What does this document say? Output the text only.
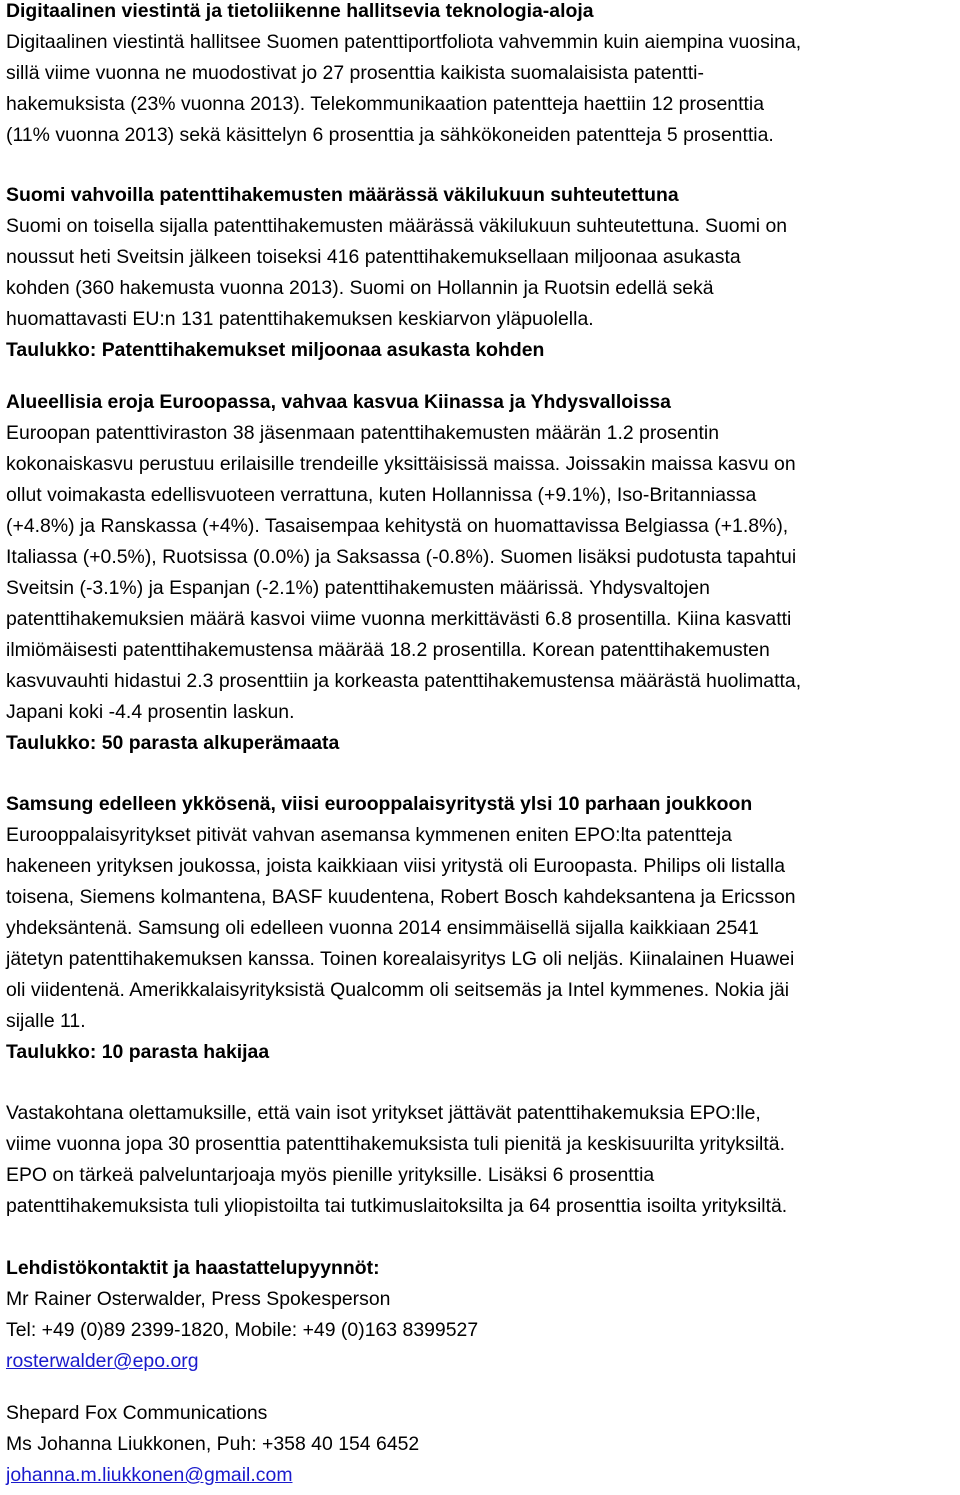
Digitaalinen viestintä ja tietoliikenne hallitsevia teknologia-aloja
Digitaalinen viestintä hallitsee Suomen patenttiportfoliota vahvemmin kuin aiempina vuosina,
sillä viime vuonna ne muodostivat jo 27 prosenttia kaikista suomalaisista patentti-
hakemuksista (23% vuonna 2013). Telekommunikaation patentteja haettiin 12 prosenttia
(11% vuonna 2013) sekä käsittelyn 6 prosenttia ja sähkökoneiden patentteja 5 prosenttia.
Suomi vahvoilla patenttihakemusten määrässä väkilukuun suhteutettuna
Suomi on toisella sijalla patenttihakemusten määrässä väkilukuun suhteutettuna. Suomi on
noussut heti Sveitsin jälkeen toiseksi 416 patenttihakemuksellaan miljoonaa asukasta
kohden (360 hakemusta vuonna 2013). Suomi on Hollannin ja Ruotsin edellä sekä
huomattavasti EU:n 131 patenttihakemuksen keskiarvon yläpuolella.
Taulukko: Patenttihakemukset miljoonaa asukasta kohden
Alueellisia eroja Euroopassa, vahvaa kasvua Kiinassa ja Yhdysvalloissa
Euroopan patenttiviraston 38 jäsenmaan patenttihakemusten määrän 1.2 prosentin
kokonaiskasvu perustuu erilaisille trendeille yksittäisissä maissa. Joissakin maissa kasvu on
ollut voimakasta edellisvuoteen verrattuna, kuten Hollannissa (+9.1%), Iso-Britanniassa
(+4.8%) ja Ranskassa (+4%). Tasaisempaa kehitystä on huomattavissa Belgiassa (+1.8%),
Italiassa (+0.5%), Ruotsissa (0.0%) ja Saksassa (-0.8%). Suomen lisäksi pudotusta tapahtui
Sveitsin (-3.1%) ja Espanjan (-2.1%) patenttihakemusten määrissä. Yhdysvaltojen
patenttihakemuksien määrä kasvoi viime vuonna merkittävästi 6.8 prosentilla. Kiina kasvatti
ilmiömäisesti patenttihakemustensa määrää 18.2 prosentilla. Korean patenttihakemusten
kasvuvauhti hidastui 2.3 prosenttiin ja korkeasta patenttihakemustensa määrästä huolimatta,
Japani koki -4.4 prosentin laskun.
Taulukko: 50 parasta alkuperämaata
Samsung edelleen ykkösenä, viisi eurooppalaisyritystä ylsi 10 parhaan joukkoon
Eurooppalaisyritykset pitivät vahvan asemansa kymmenen eniten EPO:lta patentteja
hakeneen yrityksen joukossa, joista kaikkiaan viisi yritystä oli Euroopasta. Philips oli listalla
toisena, Siemens kolmantena, BASF kuudentena, Robert Bosch kahdeksantena ja Ericsson
yhdeksäntenä. Samsung oli edelleen vuonna 2014 ensimmäisellä sijalla kaikkiaan 2541
jätetyn patenttihakemuksen kanssa. Toinen korealaisyritys LG oli neljäs. Kiinalainen Huawei
oli viidentenä. Amerikkalaisyrityksistä Qualcomm oli seitsemäs ja Intel kymmenes. Nokia jäi
sijalle 11.
Taulukko: 10 parasta hakijaa
Vastakohtana olettamuksille, että vain isot yritykset jättävät patenttihakemuksia EPO:lle,
viime vuonna jopa 30 prosenttia patenttihakemuksista tuli pienitä ja keskisuurilta yrityksiltä.
EPO on tärkeä palveluntarjoaja myös pienille yrityksille. Lisäksi 6 prosenttia
patenttihakemuksista tuli yliopistoilta tai tutkimuslaitoksilta ja 64 prosenttia isoilta yrityksiltä.
Lehdistökontaktit ja haastattelupyynnöt:
Mr Rainer Osterwalder, Press Spokesperson
Tel: +49 (0)89 2399-1820, Mobile: +49 (0)163 8399527
rosterwalder@epo.org
Shepard Fox Communications
Ms Johanna Liukkonen, Puh: +358 40 154 6452
johanna.m.liukkonen@gmail.com
